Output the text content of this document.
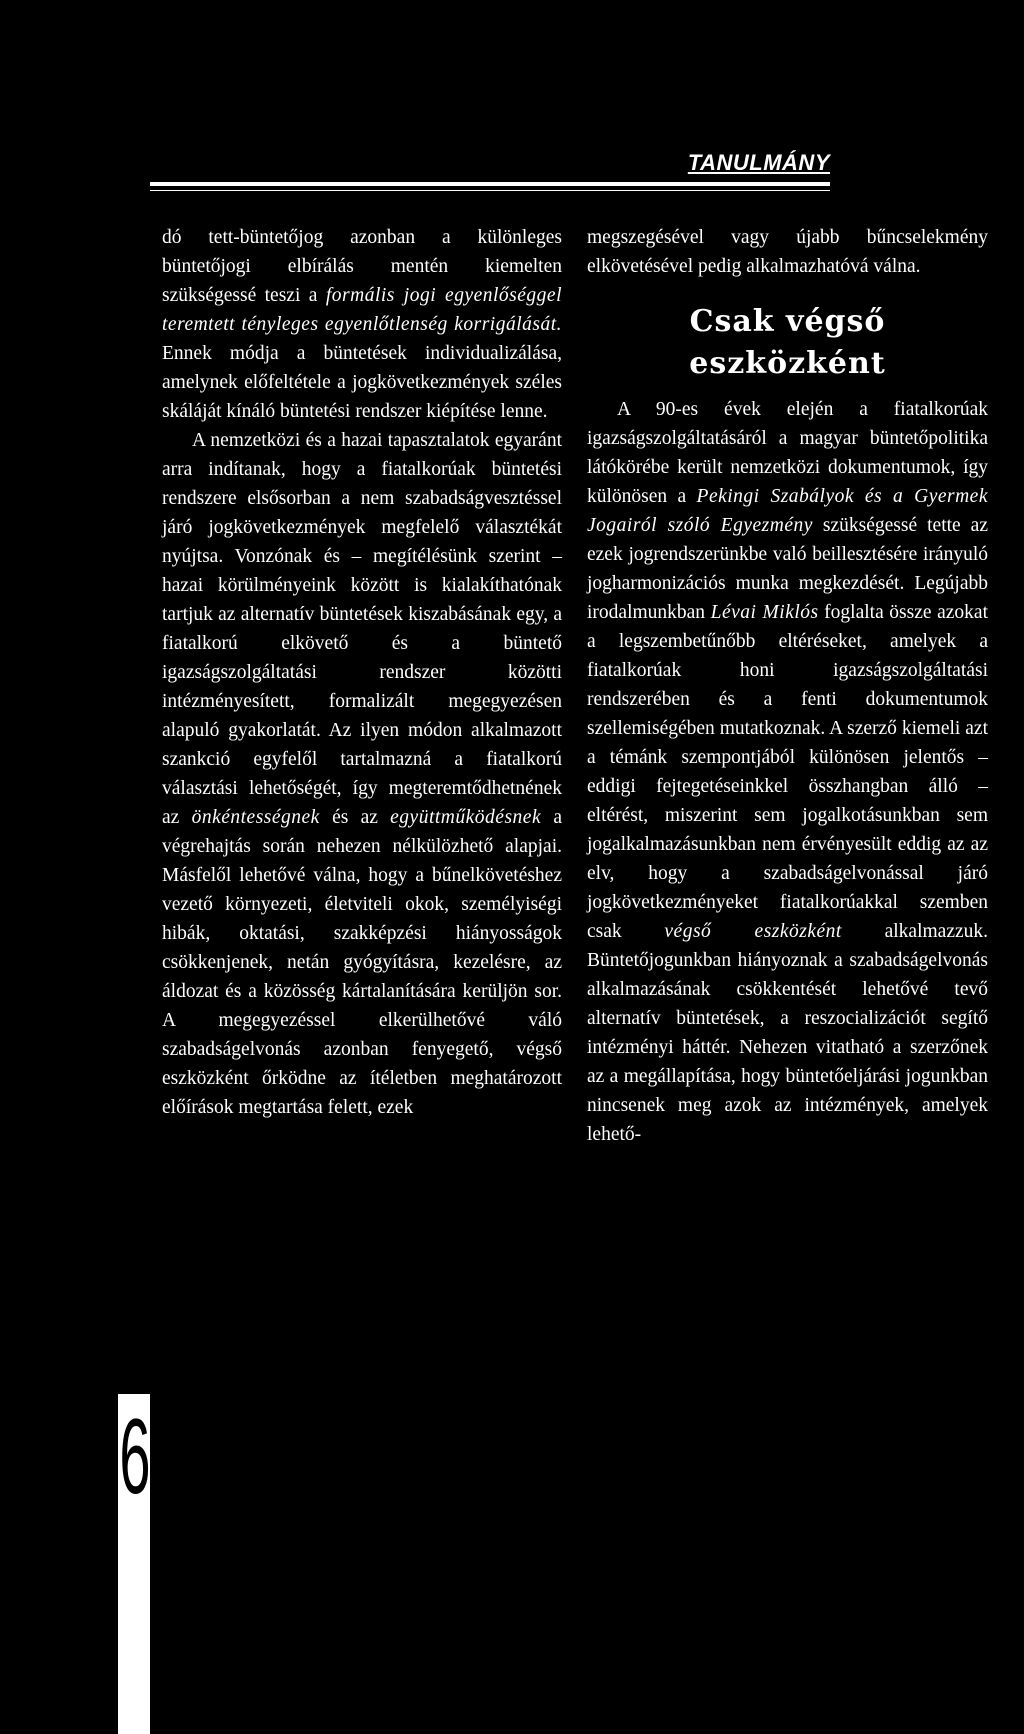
TANULMÁNY

dó tett-büntetőjog azonban a különleges büntetőjogi elbírálás mentén kiemelten szükségessé teszi a formális jogi egyenlőséggel teremtett tényleges egyenlőtlenség korrigálását. Ennek módja a büntetések individualizálása, amelynek előfeltétele a jogkövetkezmények széles skáláját kínáló büntetési rendszer kiépítése lenne.

A nemzetközi és a hazai tapasztalatok egyaránt arra indítanak, hogy a fiatalkorúak büntetési rendszere elsősorban a nem szabadságvesztéssel járó jogkövetkezmények megfelelő választékát nyújtsa. Vonzónak és – megítélésünk szerint – hazai körülményeink között is kialakíthatónak tartjuk az alternatív büntetések kiszabásának egy, a fiatalkorú elkövető és a büntető igazságszolgáltatási rendszer közötti intézményesített, formalizált megegyezésen alapuló gyakorlatát. Az ilyen módon alkalmazott szankció egyfelől tartalmazná a fiatalkorú választási lehetőségét, így megteremtődhetnének az önkéntességnek és az együttműködésnek a végrehajtás során nehezen nélkülözhető alapjai. Másfelől lehetővé válna, hogy a bűnelkövetéshez vezető környezeti, életviteli okok, személyiségi hibák, oktatási, szakképzési hiányosságok csökkenjenek, netán gyógyításra, kezelésre, az áldozat és a közösség kártalanítására kerüljön sor. A megegyezéssel elkerülhetővé váló szabadságelvonás azonban fenyegető, végső eszközként őrködne az ítéletben meghatározott előírások megtartása felett, ezek

megszegésével vagy újabb bűncselekmény elkövetésével pedig alkalmazhatóvá válna.

Csak végső
eszközként

A 90-es évek elején a fiatalkorúak igazságszolgáltatásáról a magyar büntetőpolitika látókörébe került nemzetközi dokumentumok, így különösen a Pekingi Szabályok és a Gyermek Jogairól szóló Egyezmény szükségessé tette az ezek jogrendszerünkbe való beillesztésére irányuló jogharmonizációs munka megkezdését. Legújabb irodalmunkban Lévai Miklós foglalta össze azokat a legszembetűnőbb eltéréseket, amelyek a fiatalkorúak honi igazságszolgáltatási rendszerében és a fenti dokumentumok szellemiségében mutatkoznak. A szerző kiemeli azt a témánk szempontjából különösen jelentős – eddigi fejtegetéseinkkel összhangban álló – eltérést, miszerint sem jogalkotásunkban sem jogalkalmazásunkban nem érvényesült eddig az az elv, hogy a szabadságelvonással járó jogkövetkezményeket fiatalkorúakkal szemben csak végső eszközként alkalmazzuk. Büntetőjogunkban hiányoznak a szabadságelvonás alkalmazásának csökkentését lehetővé tevő alternatív büntetések, a reszocializációt segítő intézményi háttér. Nehezen vitatható a szerzőnek az a megállapítása, hogy büntetőeljárási jogunkban nincsenek meg azok az intézmények, amelyek lehető-

6
